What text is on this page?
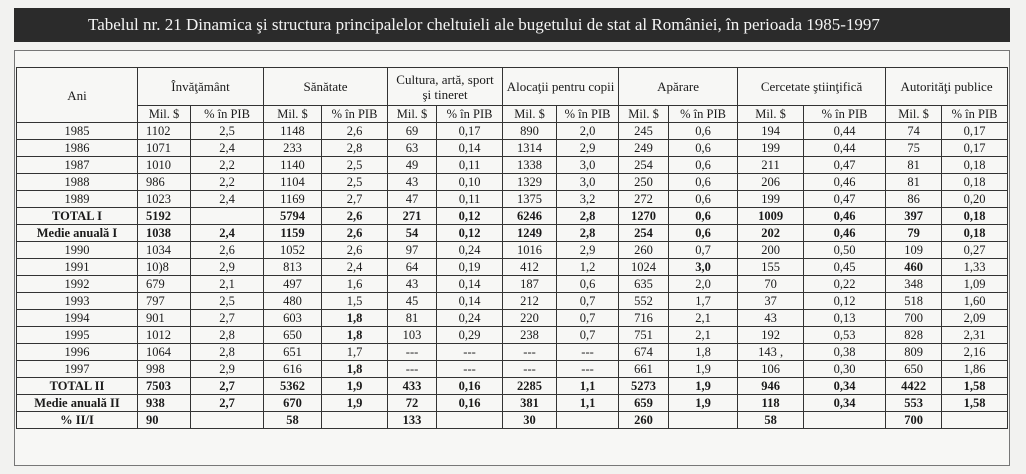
Tabelul nr. 21 Dinamica şi structura principalelor cheltuieli ale bugetului de stat al României, în perioada 1985-1997
Ani	Învăţământ		Sănătate		Cultura, artă, sport şi tineret		Alocaţii pentru copii		Apărare		Cercetate ştiinţifică		Autorităţi publice	
	Mil. $	% în PIB	Mil. $	% în PIB	Mil. $	% în PIB	Mil. $	% în PIB	Mil. $	% în PIB	Mil. $	% în PIB	Mil. $	% în PIB
1985	1102	2,5	1148	2,6	69	0,17	890	2,0	245	0,6	194	0,44	74	0,17
1986	1071	2,4	233	2,8	63	0,14	1314	2,9	249	0,6	199	0,44	75	0,17
1987	1010	2,2	1140	2,5	49	0,11	1338	3,0	254	0,6	211	0,47	81	0,18
1988	986	2,2	1104	2,5	43	0,10	1329	3,0	250	0,6	206	0,46	81	0,18
1989	1023	2,4	1169	2,7	47	0,11	1375	3,2	272	0,6	199	0,47	86	0,20
TOTAL I	5192		5794	2,6	271	0,12	6246	2,8	1270	0,6	1009	0,46	397	0,18
Medie anuală I	1038	2,4	1159	2,6	54	0,12	1249	2,8	254	0,6	202	0,46	79	0,18
1990	1034	2,6	1052	2,6	97	0,24	1016	2,9	260	0,7	200	0,50	109	0,27
1991	10)8	2,9	813	2,4	64	0,19	412	1,2	1024	3,0	155	0,45	460	1,33
1992	679	2,1	497	1,6	43	0,14	187	0,6	635	2,0	70	0,22	348	1,09
1993	797	2,5	480	1,5	45	0,14	212	0,7	552	1,7	37	0,12	518	1,60
1994	901	2,7	603	1,8	81	0,24	220	0,7	716	2,1	43	0,13	700	2,09
1995	1012	2,8	650	1,8	103	0,29	238	0,7	751	2,1	192	0,53	828	2,31
1996	1064	2,8	651	1,7	---	---	---	---	674	1,8	143 ,	0,38	809	2,16
1997	998	2,9	616	1,8	---	---	---	---	661	1,9	106	0,30	650	1,86
TOTAL II	7503	2,7	5362	1,9	433	0,16	2285	1,1	5273	1,9	946	0,34	4422	1,58
Medie anuală II	938	2,7	670	1,9	72	0,16	381	1,1	659	1,9	118	0,34	553	1,58
% II/I	90		58		133		30		260		58		700	
